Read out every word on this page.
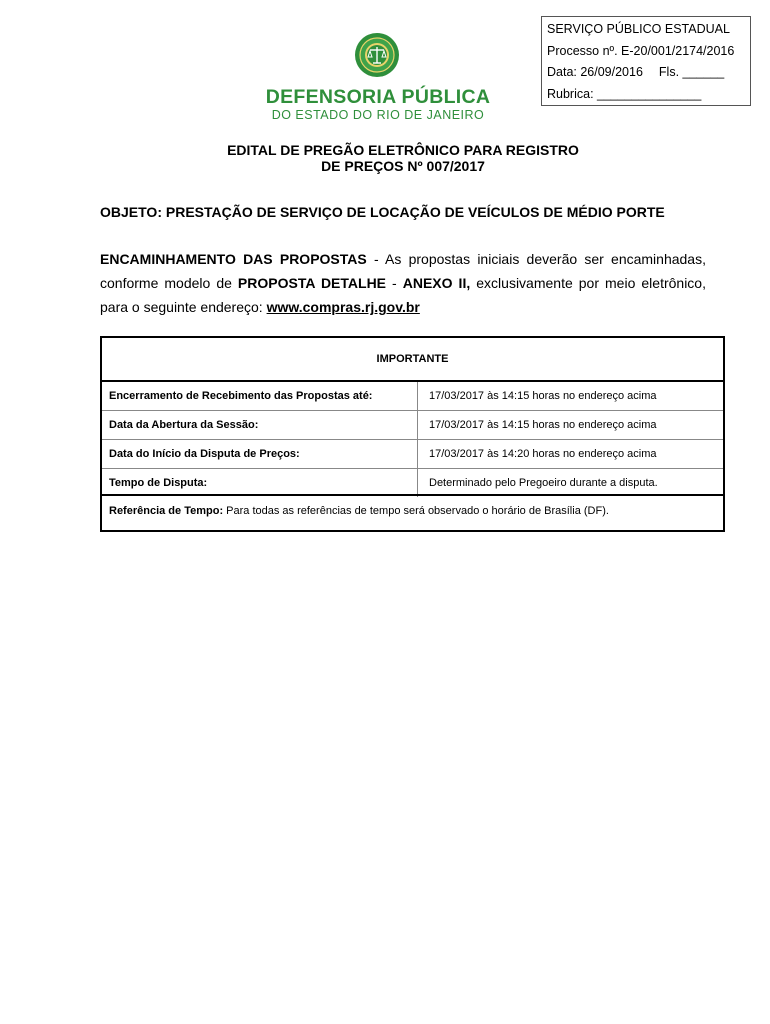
SERVIÇO PÚBLICO ESTADUAL
Processo nº. E-20/001/2174/2016
Data: 26/09/2016 Fls. ______
Rubrica: _______________
DEFENSORIA PÚBLICA
DO ESTADO DO RIO DE JANEIRO
EDITAL DE PREGÃO ELETRÔNICO PARA REGISTRO
DE PREÇOS Nº 007/2017
OBJETO: PRESTAÇÃO DE SERVIÇO DE LOCAÇÃO DE VEÍCULOS DE MÉDIO PORTE
ENCAMINHAMENTO DAS PROPOSTAS - As propostas iniciais deverão ser encaminhadas, conforme modelo de PROPOSTA DETALHE - ANEXO II, exclusivamente por meio eletrônico, para o seguinte endereço: www.compras.rj.gov.br
IMPORTANTE
Encerramento de Recebimento das Propostas até:	17/03/2017 às 14:15 horas no endereço acima
Data da Abertura da Sessão:	17/03/2017 às 14:15 horas no endereço acima
Data do Início da Disputa de Preços:	17/03/2017 às 14:20 horas no endereço acima
Tempo de Disputa:	Determinado pelo Pregoeiro durante a disputa.
Referência de Tempo: Para todas as referências de tempo será observado o horário de Brasília (DF).
